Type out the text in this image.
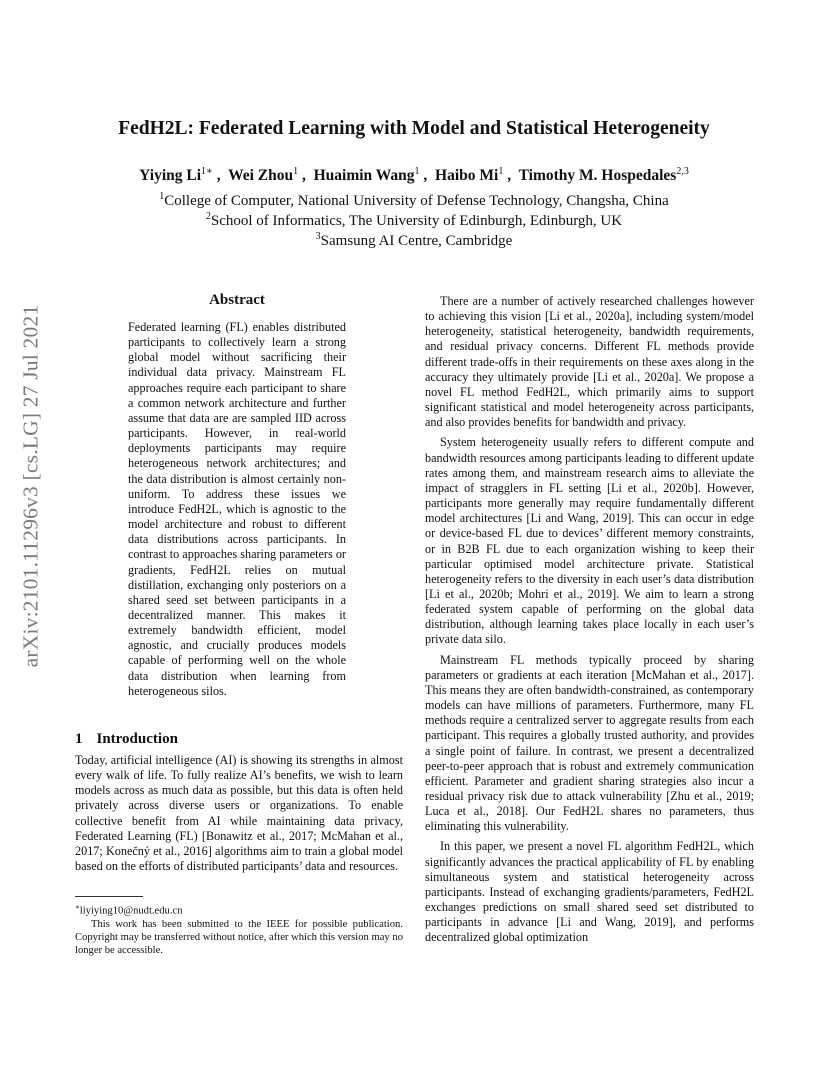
arXiv:2101.11296v3 [cs.LG] 27 Jul 2021
FedH2L: Federated Learning with Model and Statistical Heterogeneity
Yiying $Li^{1∗}$ ,  Wei Zhou$^1$ ,  Huaimin Wang$^1$ ,  Haibo Mi$^1$ ,  Timothy M. Hospedales$^{2,3}$
$^1$College of Computer, National University of Defense Technology, Changsha, China
$^2$School of Informatics, The University of Edinburgh, Edinburgh, UK
$^3$Samsung AI Centre, Cambridge
Abstract

Federated learning (FL) enables distributed participants to collectively learn a strong global model without sacrificing their individual data privacy. Mainstream FL approaches require each participant to share a common network architecture and further assume that data are are sampled IID across participants. However, in real-world deployments participants may require heterogeneous network architectures; and the data distribution is almost certainly non-uniform. To address these issues we introduce FedH2L, which is agnostic to the model architecture and robust to different data distributions across participants. In contrast to approaches sharing parameters or gradients, FedH2L relies on mutual distillation, exchanging only posteriors on a shared seed set between participants in a decentralized manner. This makes it extremely bandwidth efficient, model agnostic, and crucially produces models capable of performing well on the whole data distribution when learning from heterogeneous silos.

1 Introduction

Today, artificial intelligence (AI) is showing its strengths in almost every walk of life. To fully realize AI’s benefits, we wish to learn models across as much data as possible, but this data is often held privately across diverse users or organizations. To enable collective benefit from AI while maintaining data privacy, Federated Learning (FL) [Bonawitz et al., 2017; McMahan et al., 2017; Konečný et al., 2016] algorithms aim to train a global model based on the efforts of distributed participants’ data and resources.

∗liyiying10@nudt.edu.cn

This work has been submitted to the IEEE for possible publication. Copyright may be transferred without notice, after which this version may no longer be accessible.

There are a number of actively researched challenges however to achieving this vision [Li et al., 2020a], including system/model heterogeneity, statistical heterogeneity, bandwidth requirements, and residual privacy concerns. Different FL methods provide different trade-offs in their requirements on these axes along in the accuracy they ultimately provide [Li et al., 2020a]. We propose a novel FL method FedH2L, which primarily aims to support significant statistical and model heterogeneity across participants, and also provides benefits for bandwidth and privacy.

System heterogeneity usually refers to different compute and bandwidth resources among participants leading to different update rates among them, and mainstream research aims to alleviate the impact of stragglers in FL setting [Li et al., 2020b]. However, participants more generally may require fundamentally different model architectures [Li and Wang, 2019]. This can occur in edge or device-based FL due to devices’ different memory constraints, or in B2B FL due to each organization wishing to keep their particular optimised model architecture private. Statistical heterogeneity refers to the diversity in each user’s data distribution [Li et al., 2020b; Mohri et al., 2019]. We aim to learn a strong federated system capable of performing on the global data distribution, although learning takes place locally in each user’s private data silo.

Mainstream FL methods typically proceed by sharing parameters or gradients at each iteration [McMahan et al., 2017]. This means they are often bandwidth-constrained, as contemporary models can have millions of parameters. Furthermore, many FL methods require a centralized server to aggregate results from each participant. This requires a globally trusted authority, and provides a single point of failure. In contrast, we present a decentralized peer-to-peer approach that is robust and extremely communication efficient. Parameter and gradient sharing strategies also incur a residual privacy risk due to attack vulnerability [Zhu et al., 2019; Luca et al., 2018]. Our FedH2L shares no parameters, thus eliminating this vulnerability.

In this paper, we present a novel FL algorithm FedH2L, which significantly advances the practical applicability of FL by enabling simultaneous system and statistical heterogeneity across participants. Instead of exchanging gradients/parameters, FedH2L exchanges predictions on small shared seed set distributed to participants in advance [Li and Wang, 2019], and performs decentralized global optimization
